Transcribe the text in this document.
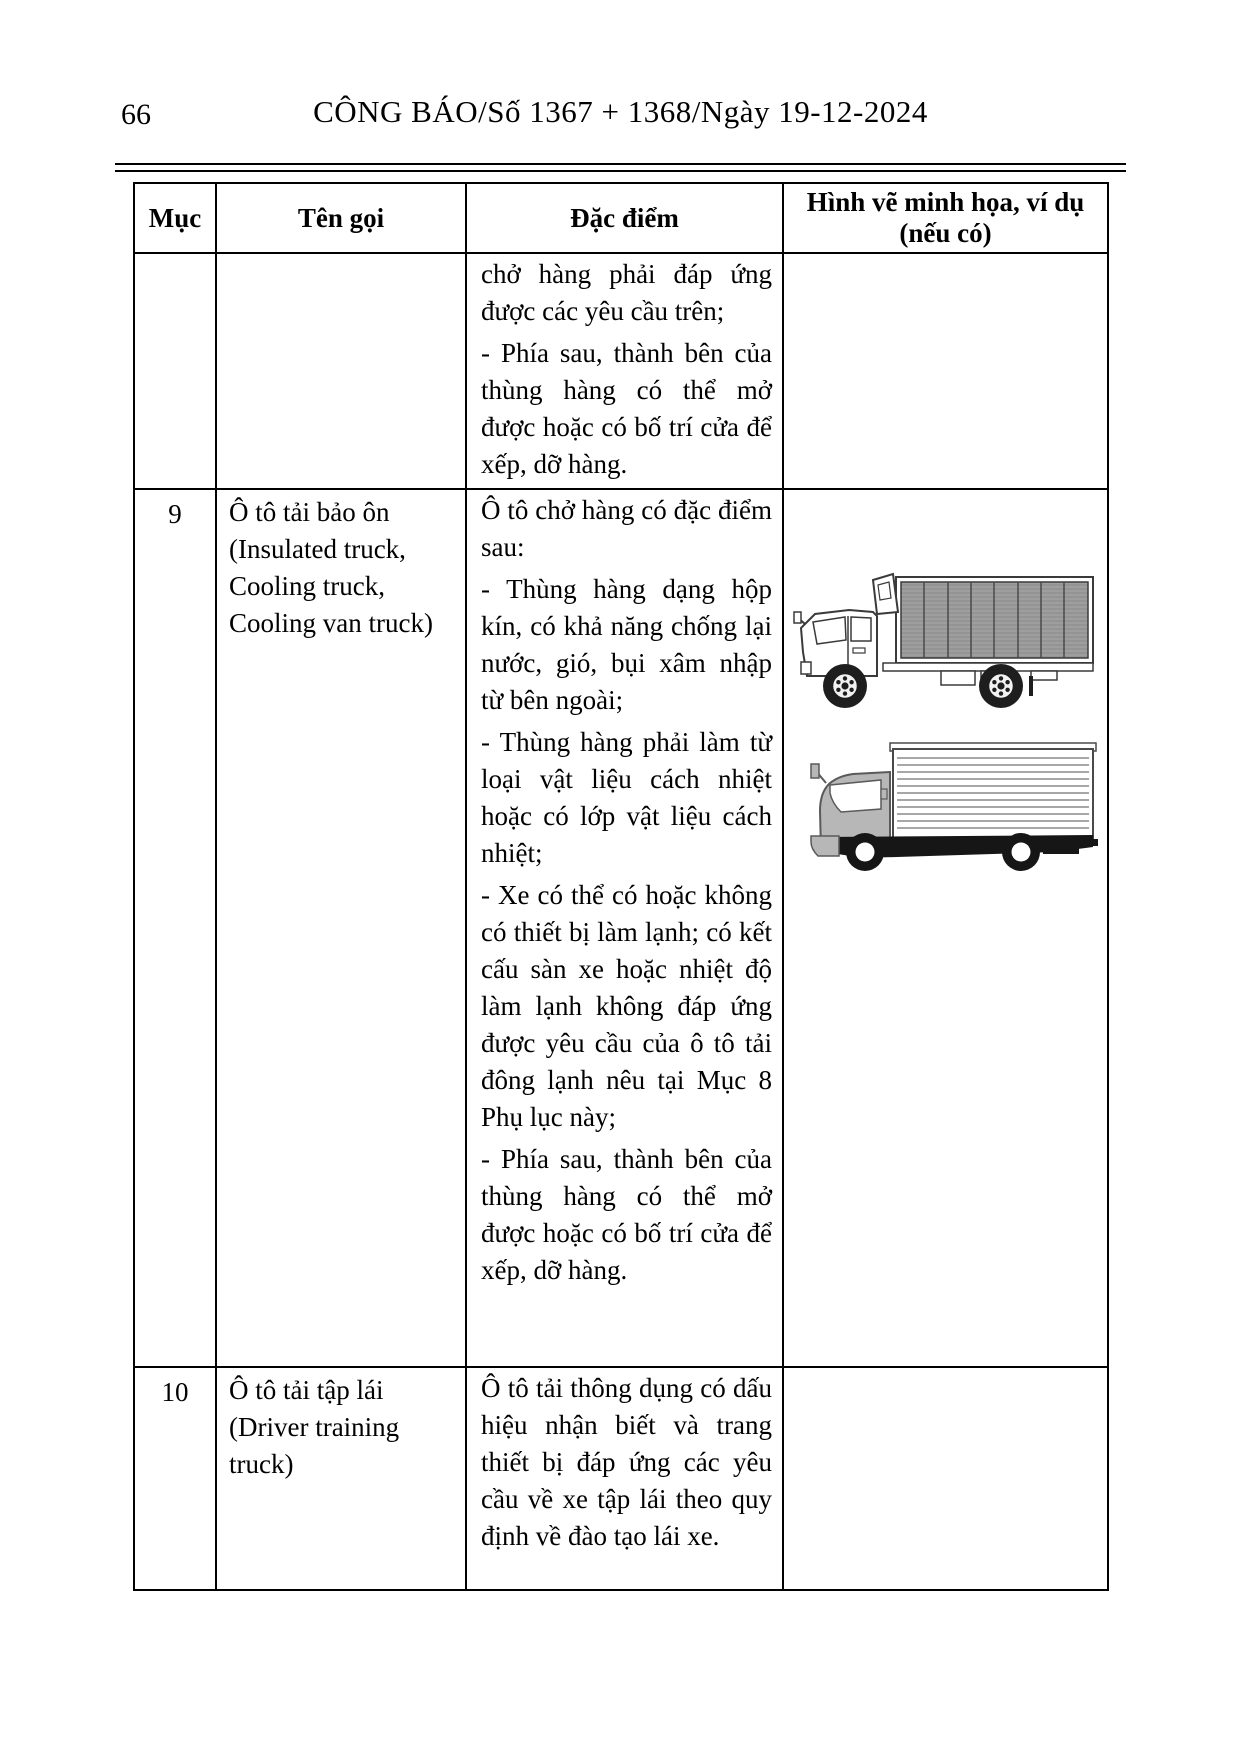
66	CÔNG BÁO/Số 1367 + 1368/Ngày 19-12-2024
Mục	Tên gọi	Đặc điểm	Hình vẽ minh họa, ví dụ
(nếu có)

		chở hàng phải đáp ứng được các yêu cầu trên;

- Phía sau, thành bên của thùng hàng có thể mở được hoặc có bố trí cửa để xếp, dỡ hàng.	

9	Ô tô tải bảo ôn (Insulated truck, Cooling truck, Cooling van truck)	Ô tô chở hàng có đặc điểm sau:

- Thùng hàng dạng hộp kín, có khả năng chống lại nước, gió, bụi xâm nhập từ bên ngoài;

- Thùng hàng phải làm từ loại vật liệu cách nhiệt hoặc có lớp vật liệu cách nhiệt;

- Xe có thể có hoặc không có thiết bị làm lạnh; có kết cấu sàn xe hoặc nhiệt độ làm lạnh không đáp ứng được yêu cầu của ô tô tải đông lạnh nêu tại Mục 8 Phụ lục này;

- Phía sau, thành bên của thùng hàng có thể mở được hoặc có bố trí cửa để xếp, dỡ hàng.

10	Ô tô tải tập lái (Driver training truck)	Ô tô tải thông dụng có dấu hiệu nhận biết và trang thiết bị đáp ứng các yêu cầu về xe tập lái theo quy định về đào tạo lái xe.	
